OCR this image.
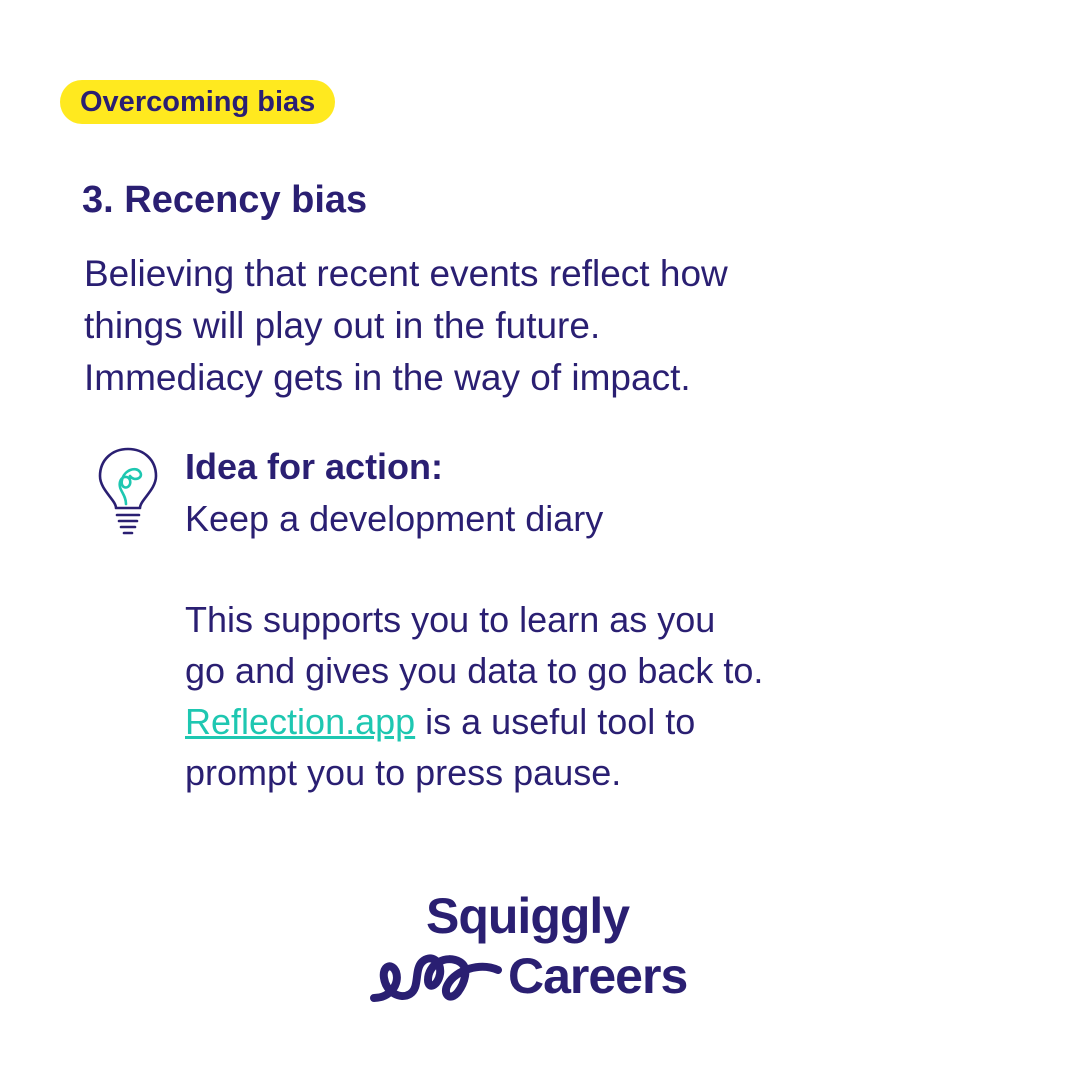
Overcoming bias
3. Recency bias

Believing that recent events reflect how
things will play out in the future.
Immediacy gets in the way of impact.

Idea for action:

Keep a development diary

This supports you to learn as you
go and gives you data to go back to.
Reflection.app is a useful tool to
prompt you to press pause.

Squiggly
Careers
